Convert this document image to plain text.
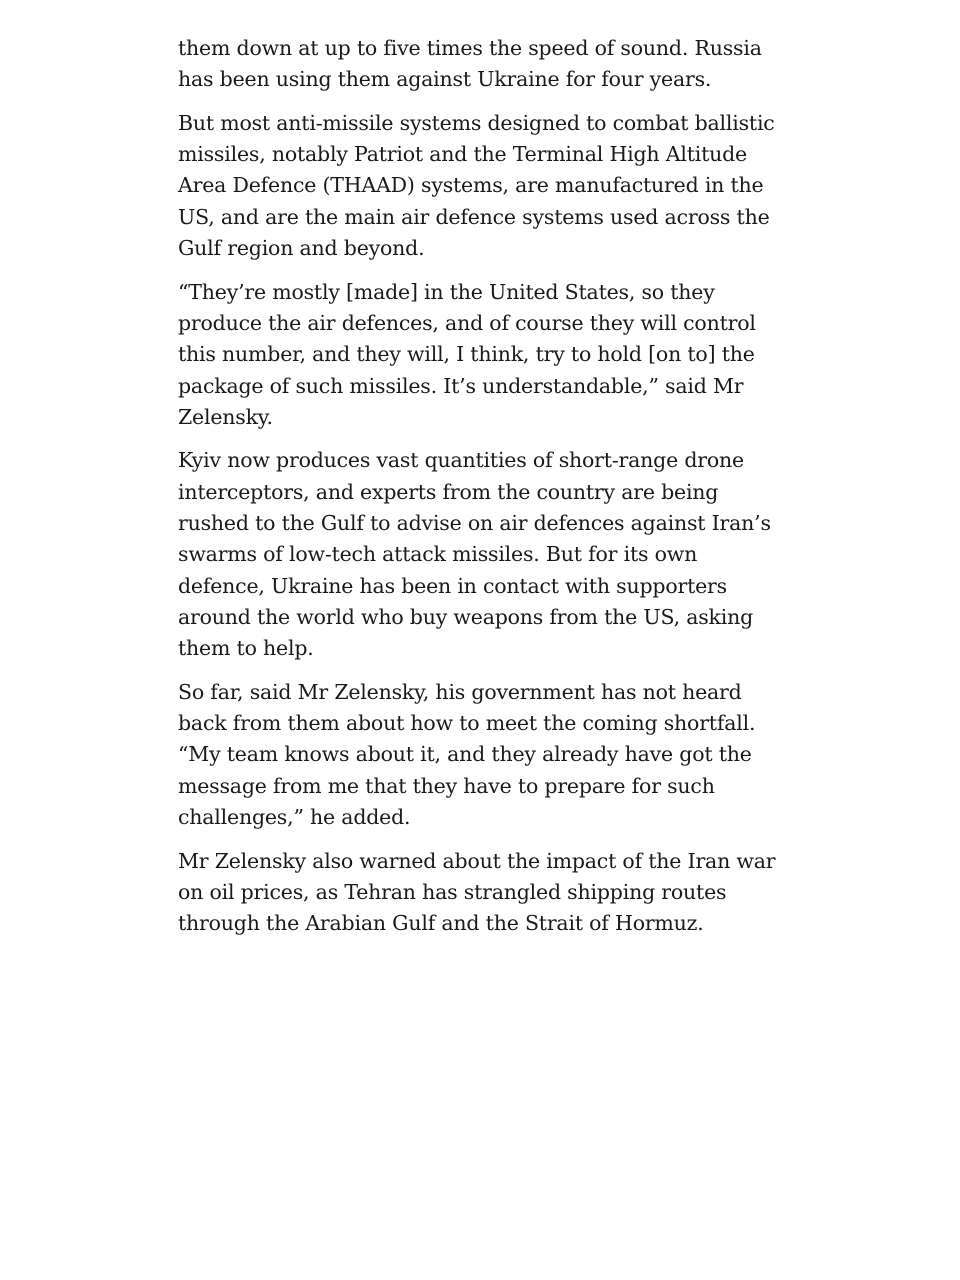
them down at up to five times the speed of sound. Russia has been using them against Ukraine for four years.

But most anti-missile systems designed to combat ballistic missiles, notably Patriot and the Terminal High Altitude Area Defence (THAAD) systems, are manufactured in the US, and are the main air defence systems used across the Gulf region and beyond.

“They’re mostly [made] in the United States, so they produce the air defences, and of course they will control this number, and they will, I think, try to hold [on to] the package of such missiles. It’s understandable,” said Mr Zelensky.

Kyiv now produces vast quantities of short-range drone interceptors, and experts from the country are being rushed to the Gulf to advise on air defences against Iran’s swarms of low-tech attack missiles. But for its own defence, Ukraine has been in contact with supporters around the world who buy weapons from the US, asking them to help.

So far, said Mr Zelensky, his government has not heard back from them about how to meet the coming shortfall. “My team knows about it, and they already have got the message from me that they have to prepare for such challenges,” he added.

Mr Zelensky also warned about the impact of the Iran war on oil prices, as Tehran has strangled shipping routes through the Arabian Gulf and the Strait of Hormuz.
